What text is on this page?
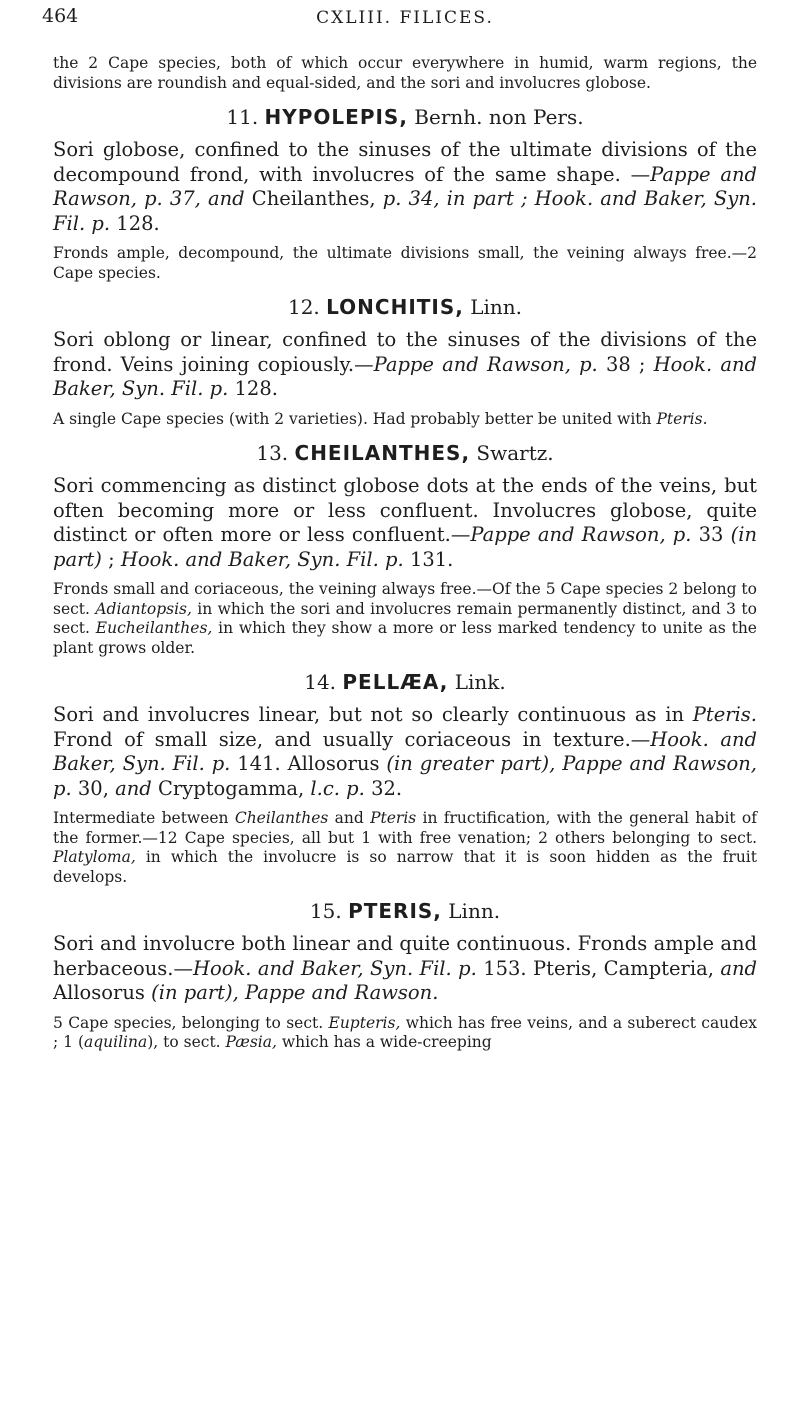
464	CXLIII. FILICES.

the 2 Cape species, both of which occur everywhere in humid, warm regions, the divisions are roundish and equal-sided, and the sori and involucres globose.

11. HYPOLEPIS, Bernh. non Pers.

Sori globose, confined to the sinuses of the ultimate divisions of the decompound frond, with involucres of the same shape. —Pappe and Rawson, p. 37, and Cheilanthes, p. 34, in part ; Hook. and Baker, Syn. Fil. p. 128.

Fronds ample, decompound, the ultimate divisions small, the veining always free.—2 Cape species.

12. LONCHITIS, Linn.

Sori oblong or linear, confined to the sinuses of the divisions of the frond. Veins joining copiously.—Pappe and Rawson, p. 38 ; Hook. and Baker, Syn. Fil. p. 128.

A single Cape species (with 2 varieties). Had probably better be united with Pteris.

13. CHEILANTHES, Swartz.

Sori commencing as distinct globose dots at the ends of the veins, but often becoming more or less confluent. Involucres globose, quite distinct or often more or less confluent.—Pappe and Rawson, p. 33 (in part) ; Hook. and Baker, Syn. Fil. p. 131.

Fronds small and coriaceous, the veining always free.—Of the 5 Cape species 2 belong to sect. Adiantopsis, in which the sori and involucres remain permanently distinct, and 3 to sect. Eucheilanthes, in which they show a more or less marked tendency to unite as the plant grows older.

14. PELLÆA, Link.

Sori and involucres linear, but not so clearly continuous as in Pteris. Frond of small size, and usually coriaceous in texture.—Hook. and Baker, Syn. Fil. p. 141. Allosorus (in greater part), Pappe and Rawson, p. 30, and Cryptogamma, l.c. p. 32.

Intermediate between Cheilanthes and Pteris in fructification, with the general habit of the former.—12 Cape species, all but 1 with free venation; 2 others belonging to sect. Platyloma, in which the involucre is so narrow that it is soon hidden as the fruit develops.

15. PTERIS, Linn.

Sori and involucre both linear and quite continuous. Fronds ample and herbaceous.—Hook. and Baker, Syn. Fil. p. 153. Pteris, Campteria, and Allosorus (in part), Pappe and Rawson.

5 Cape species, belonging to sect. Eupteris, which has free veins, and a suberect caudex ; 1 (aquilina), to sect. Pæsia, which has a wide-creeping
